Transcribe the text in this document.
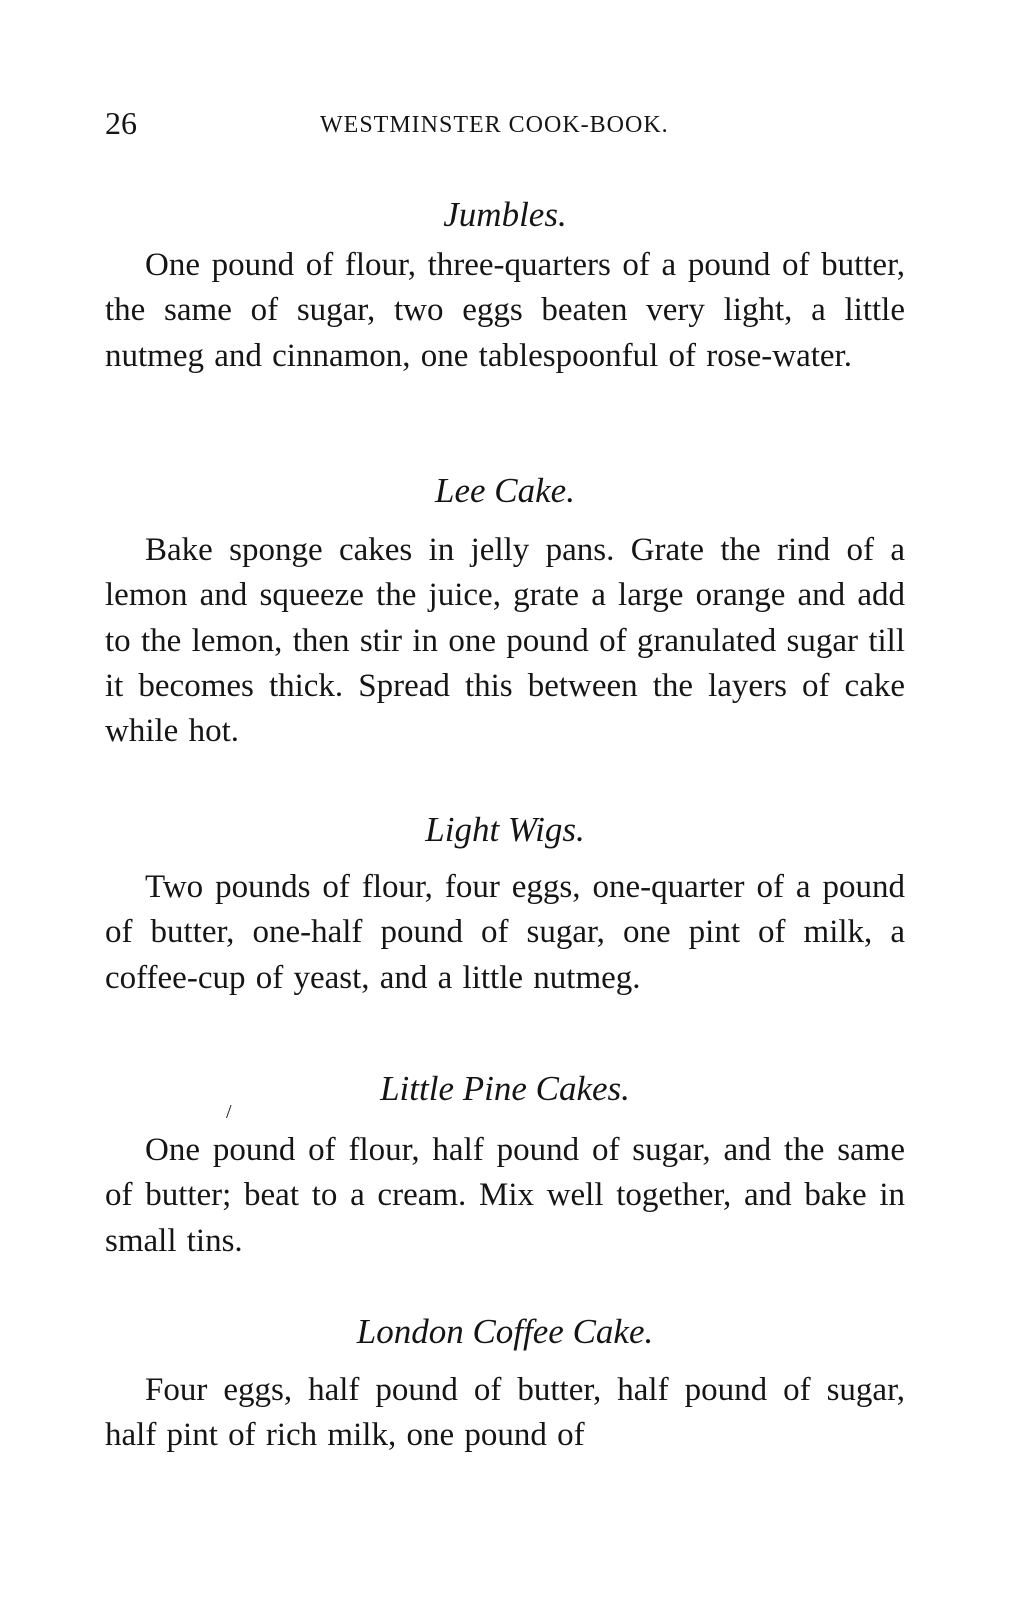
26	WESTMINSTER COOK-BOOK.
Jumbles.

One pound of flour, three-quarters of a pound of butter, the same of sugar, two eggs beaten very light, a little nutmeg and cinnamon, one tablespoonful of rose-water.

Lee Cake.

Bake sponge cakes in jelly pans. Grate the rind of a lemon and squeeze the juice, grate a large orange and add to the lemon, then stir in one pound of granulated sugar till it becomes thick. Spread this between the layers of cake while hot.

Light Wigs.

Two pounds of flour, four eggs, one-quarter of a pound of butter, one-half pound of sugar, one pint of milk, a coffee-cup of yeast, and a little nutmeg.

/
Little Pine Cakes.

One pound of flour, half pound of sugar, and the same of butter; beat to a cream. Mix well together, and bake in small tins.

London Coffee Cake.

Four eggs, half pound of butter, half pound of sugar, half pint of rich milk, one pound of
